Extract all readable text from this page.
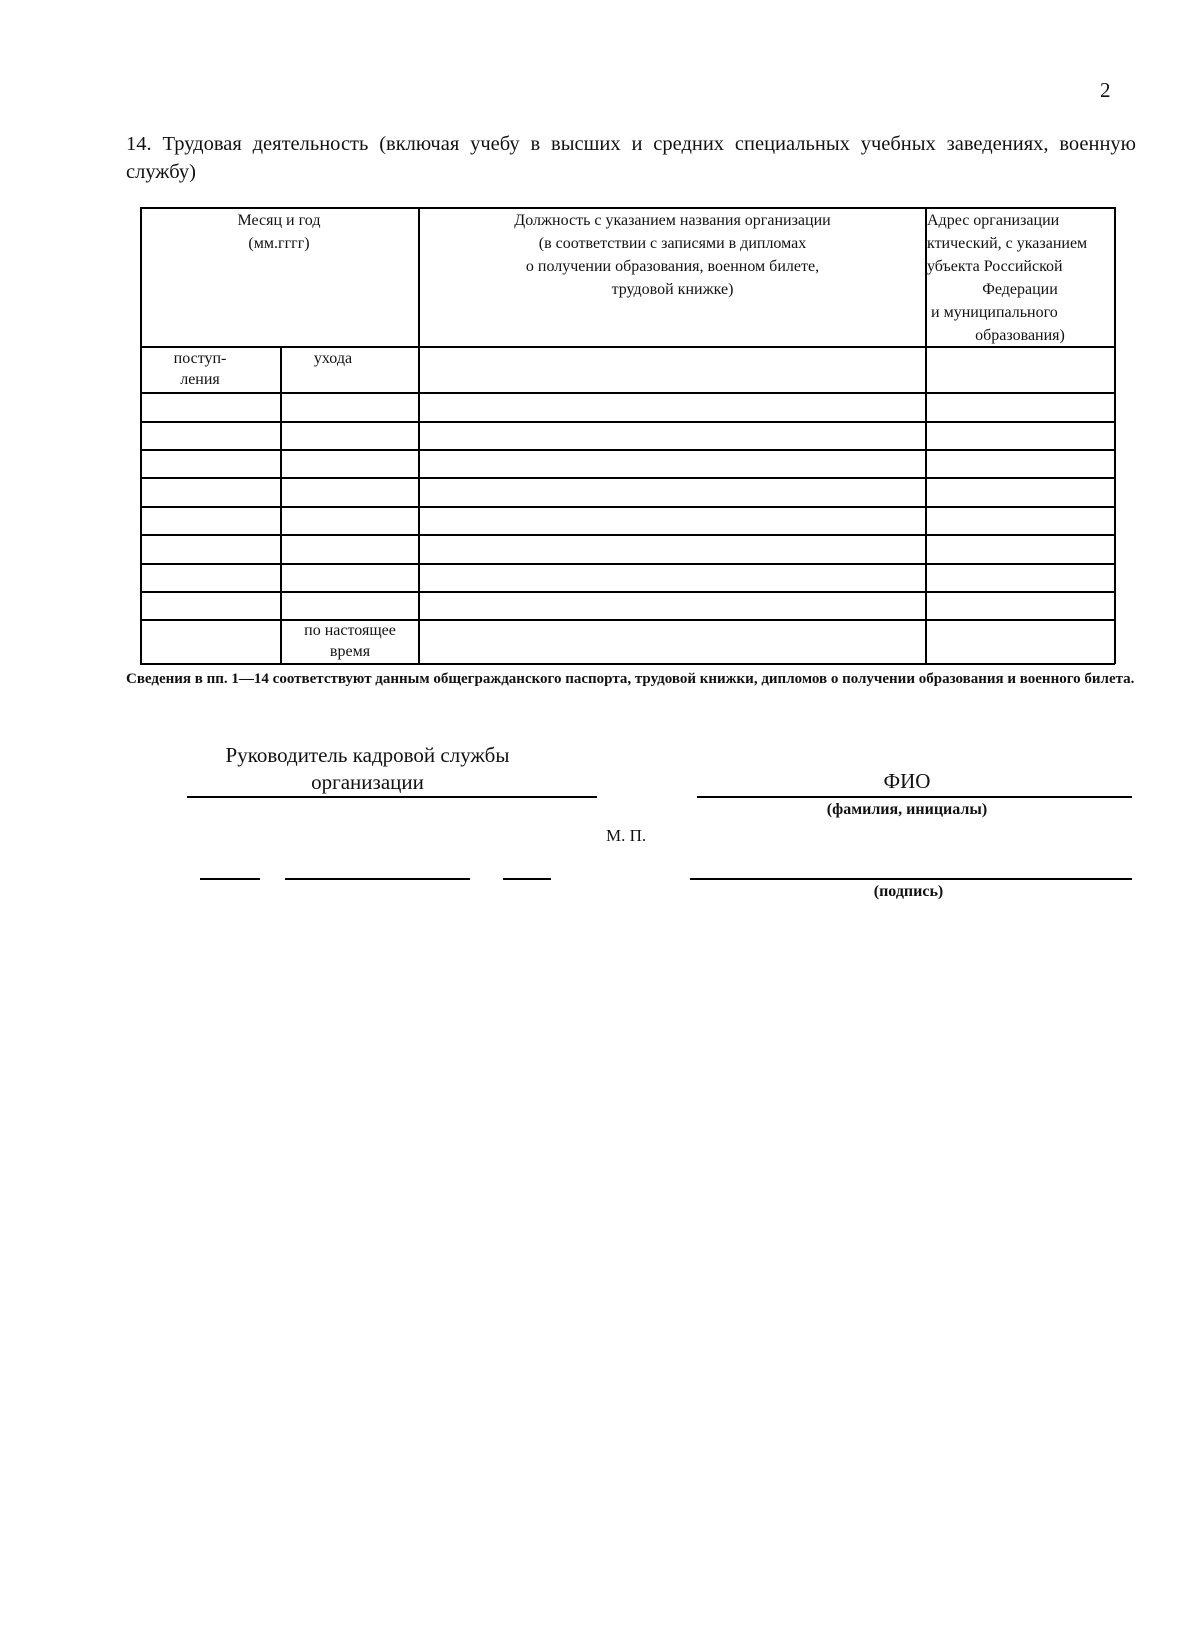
2
14. Трудовая деятельность (включая учебу в высших и средних специальных учебных заведениях, военную службу)
Месяц и год
(мм.гггг)
Должность с указанием названия организации
(в соответствии с записями в дипломах
о получении образования, военном билете,
трудовой книжке)
Адрес организации
ктический, с указанием
убъекта Российской
Федерации
и муниципального
образования)
поступ-
ления
ухода
по настоящее
время
Сведения в пп. 1—14 соответствуют данным общегражданского паспорта, трудовой книжки, дипломов о получении образования и военного билета.
Руководитель кадровой службы
организации	ФИО
(фамилия, инициалы)
М. П.
(подпись)
